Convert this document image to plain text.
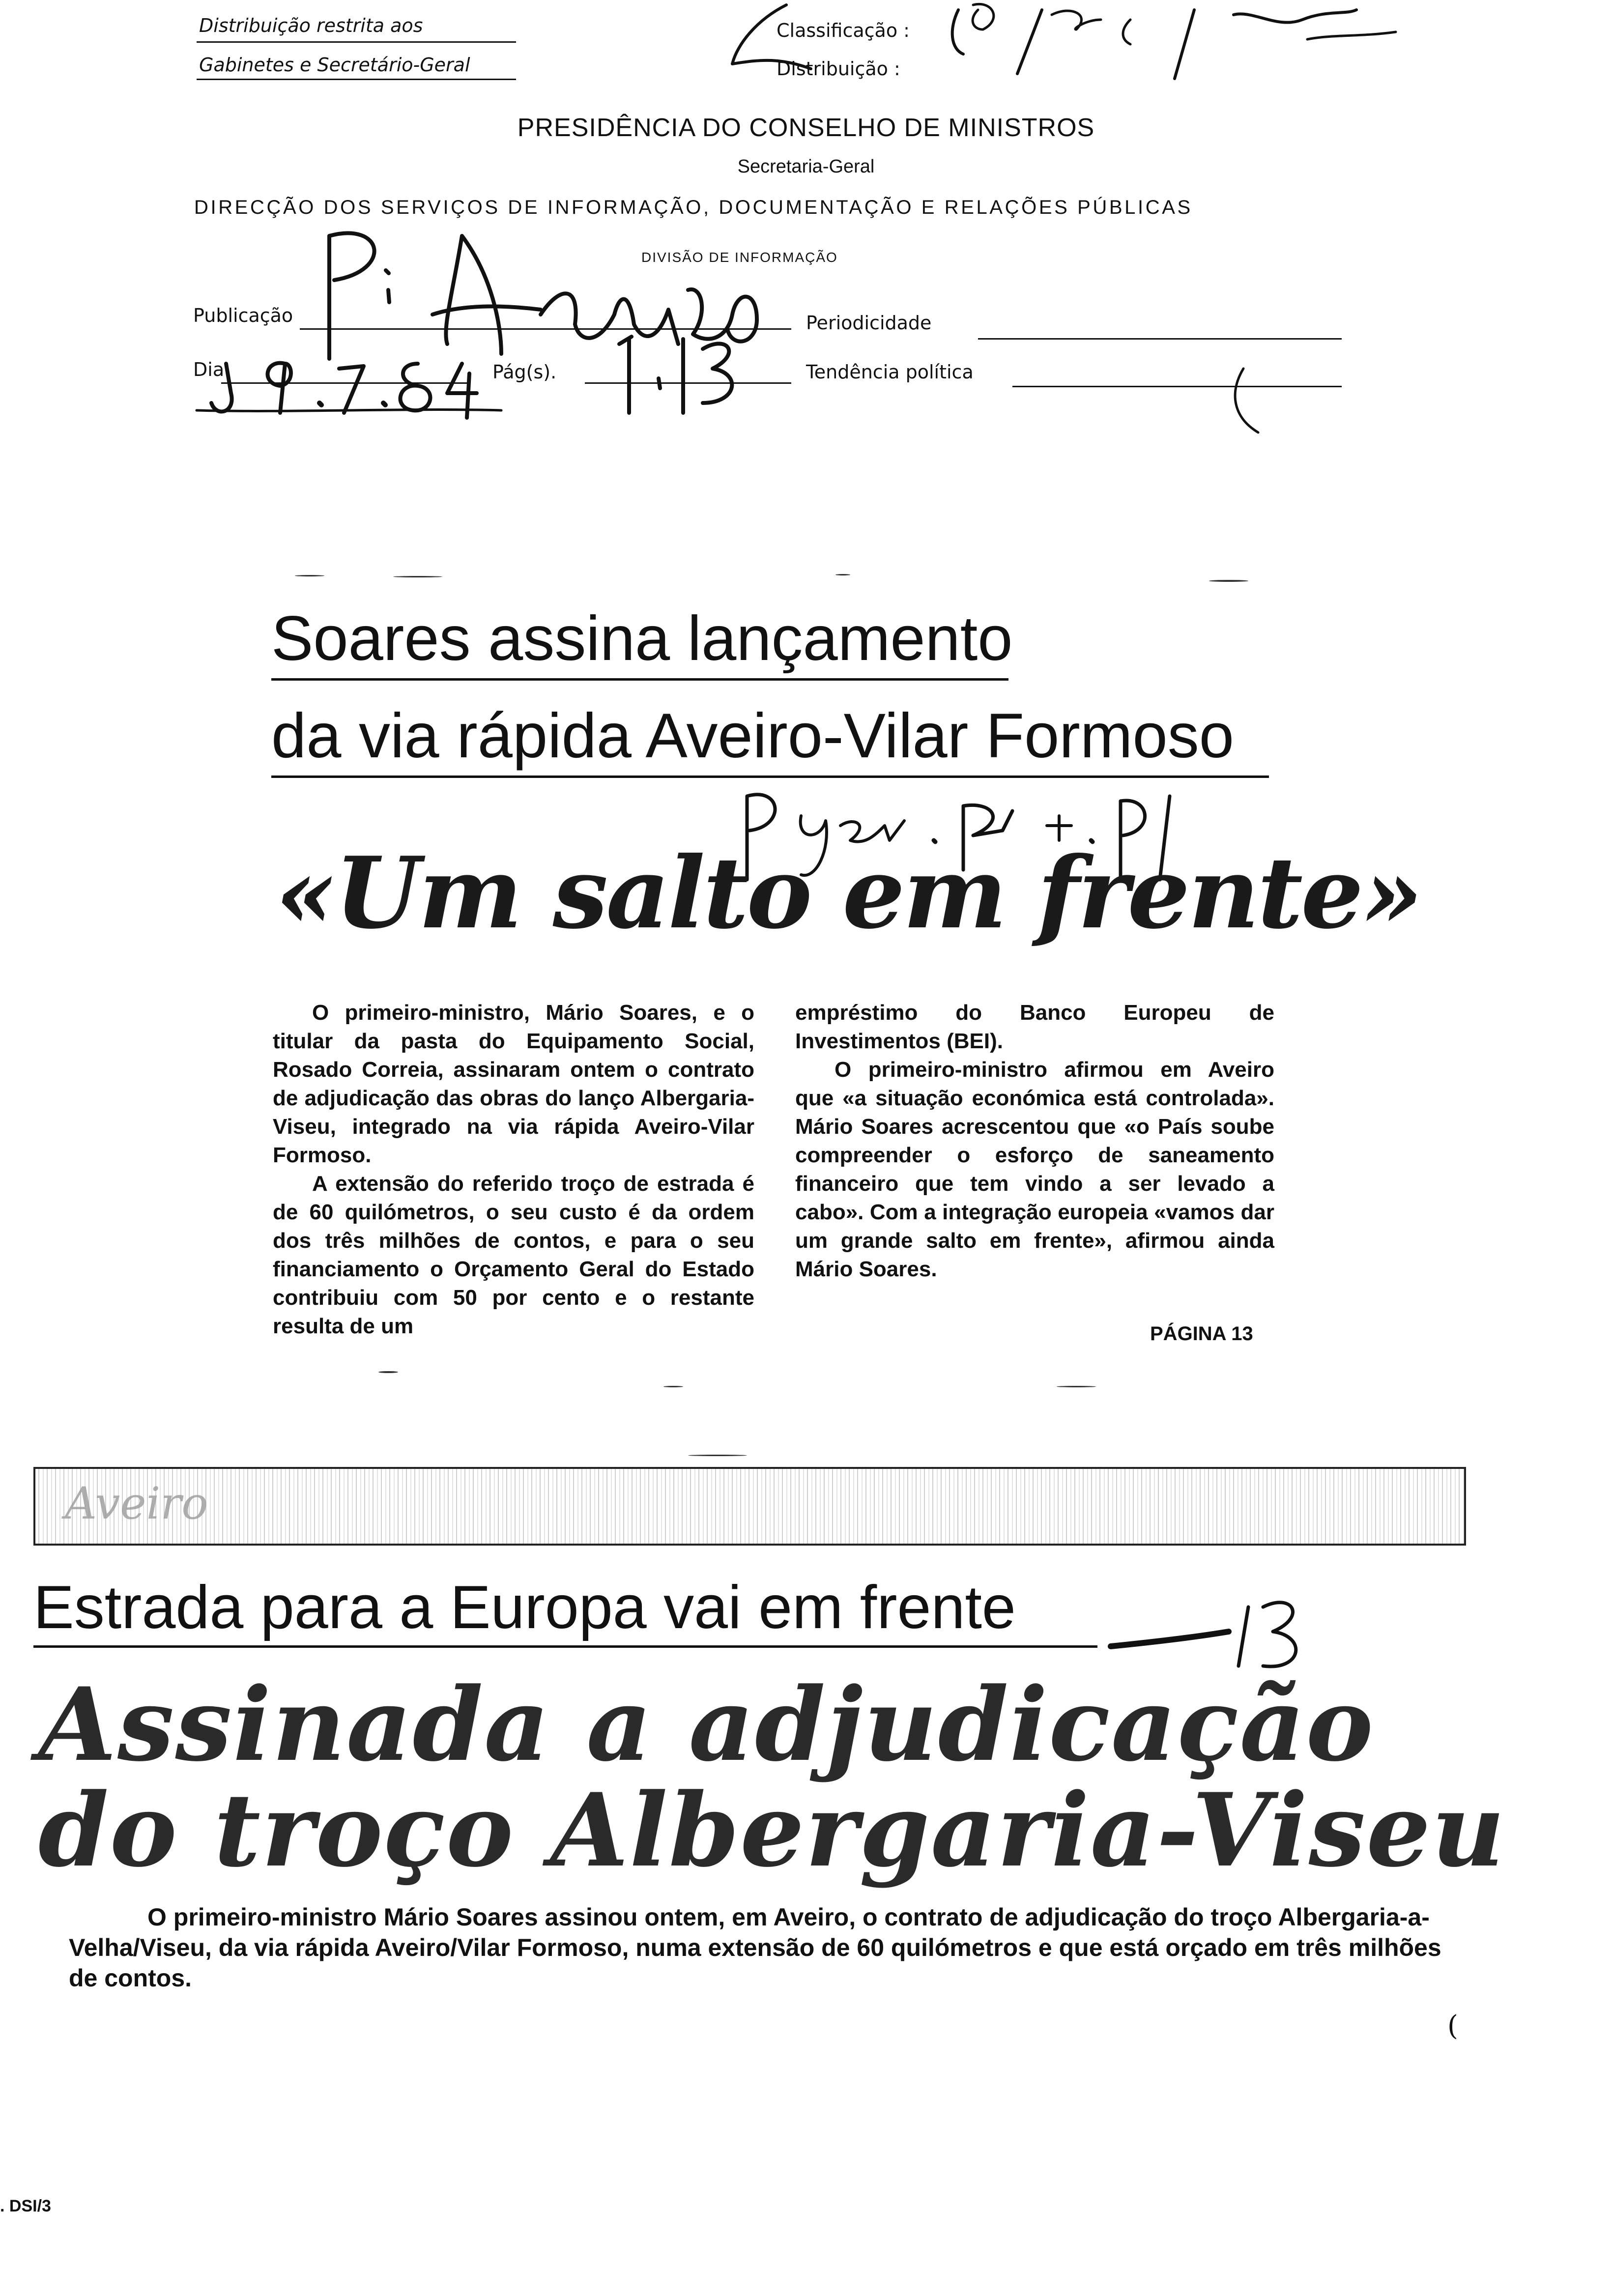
Distribuição restrita aos
Gabinetes e Secretário-Geral
Classificação :
Distribuição :
PRESIDÊNCIA DO CONSELHO DE MINISTROS
Secretaria-Geral
DIRECÇÃO DOS SERVIÇOS DE INFORMAÇÃO, DOCUMENTAÇÃO E RELAÇÕES PÚBLICAS
DIVISÃO DE INFORMAÇÃO
Publicação	Periodicidade
Dia	Pág(s).	Tendência política
Soares assina lançamento
da via rápida Aveiro-Vilar Formoso
«Um salto em frente»

O primeiro-ministro, Mário Soares, e o titular da pasta do Equipamento Social, Rosado Correia, assinaram ontem o contrato de adjudicação das obras do lanço Albergaria-Viseu, integrado na via rápida Aveiro-Vilar Formoso.

A extensão do referido troço de estrada é de 60 quilómetros, o seu custo é da ordem dos três milhões de contos, e para o seu financiamento o Orçamento Geral do Estado contribuiu com 50 por cento e o restante resulta de um

empréstimo do Banco Europeu de Investimentos (BEI).

O primeiro-ministro afirmou em Aveiro que «a situação económica está controlada». Mário Soares acrescentou que «o País soube compreender o esforço de saneamento financeiro que tem vindo a ser levado a cabo». Com a integração europeia «vamos dar um grande salto em frente», afirmou ainda Mário Soares.

PÁGINA 13
Aveiro
Estrada para a Europa vai em frente
Assinada a adjudicação
do troço Albergaria-Viseu
O primeiro-ministro Mário Soares assinou ontem, em Aveiro, o contrato de adjudicação do troço Albergaria-a-Velha/Viseu, da via rápida Aveiro/Vilar Formoso, numa extensão de 60 quilómetros e que está orçado em três milhões de contos.
(
. DSI/3
